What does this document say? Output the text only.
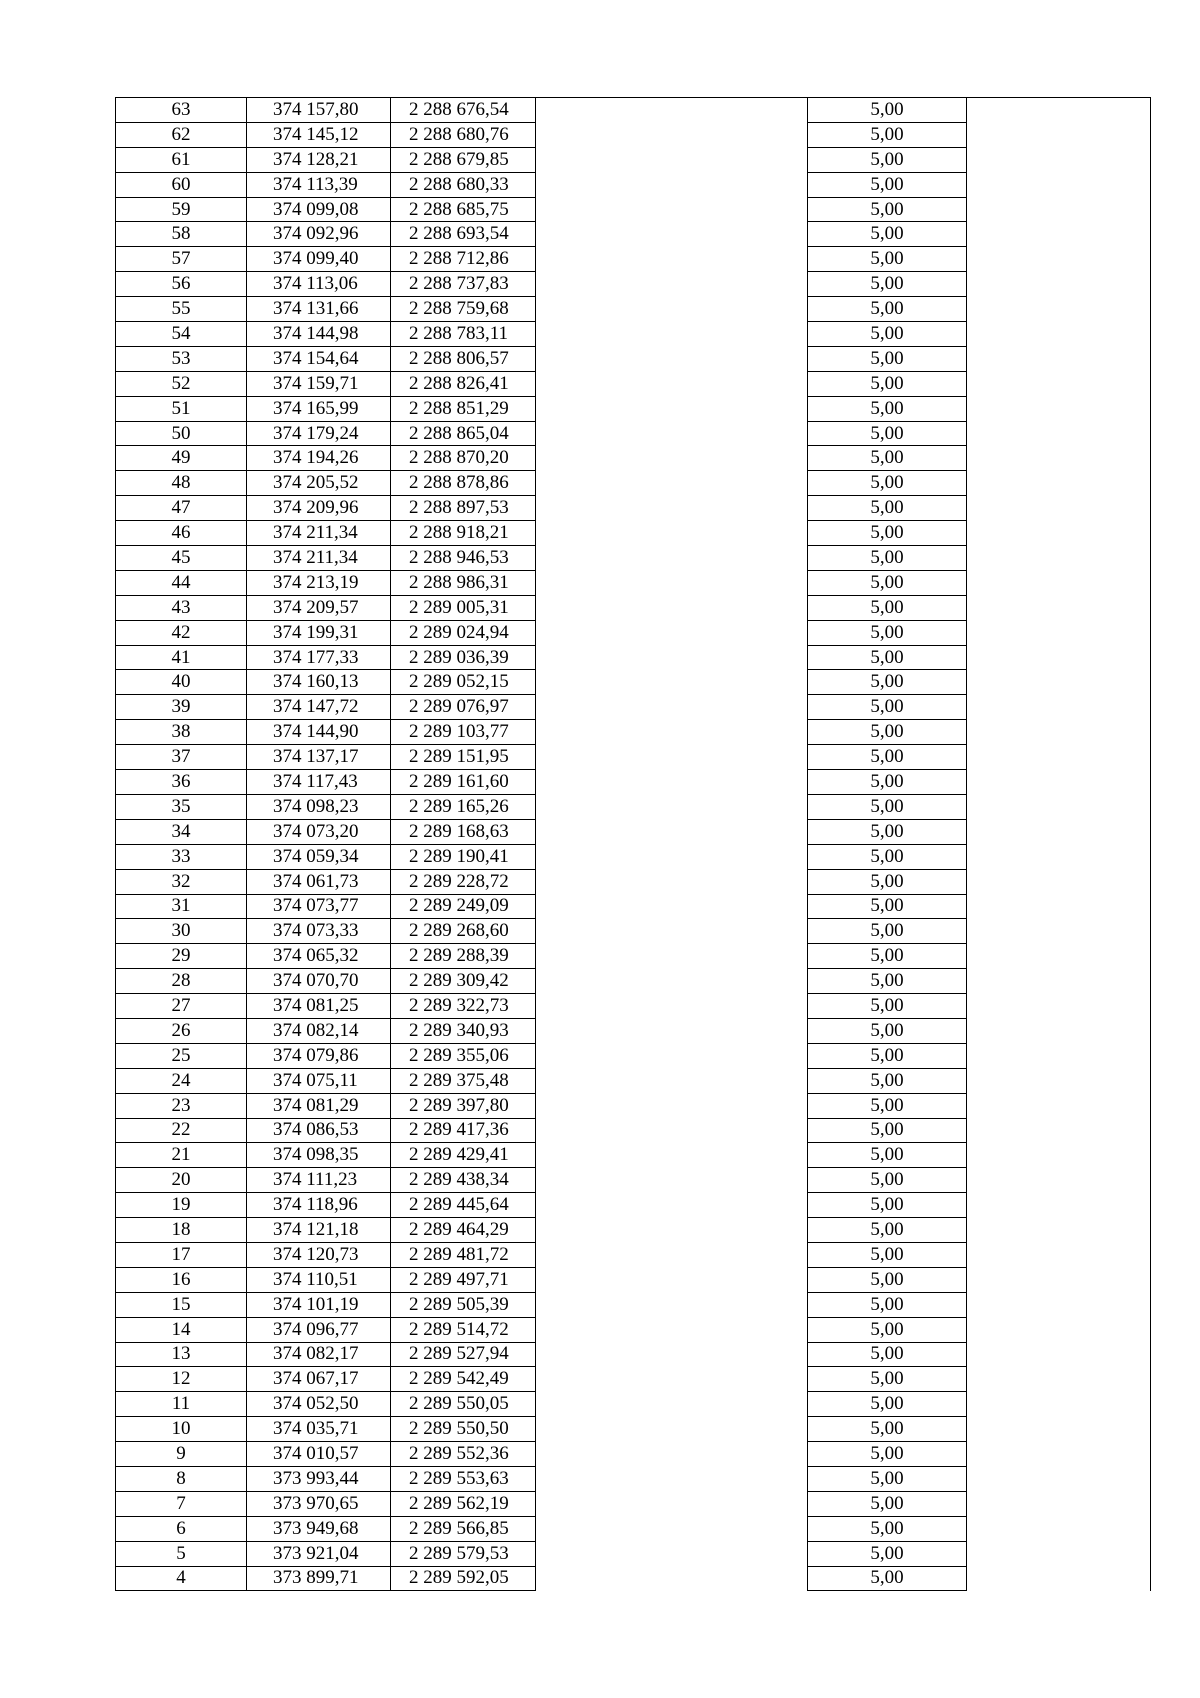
63	374 157,80	2 288 676,54		5,00	
62	374 145,12	2 288 680,76		5,00	
61	374 128,21	2 288 679,85		5,00	
60	374 113,39	2 288 680,33		5,00	
59	374 099,08	2 288 685,75		5,00	
58	374 092,96	2 288 693,54		5,00	
57	374 099,40	2 288 712,86		5,00	
56	374 113,06	2 288 737,83		5,00	
55	374 131,66	2 288 759,68		5,00	
54	374 144,98	2 288 783,11		5,00	
53	374 154,64	2 288 806,57		5,00	
52	374 159,71	2 288 826,41		5,00	
51	374 165,99	2 288 851,29		5,00	
50	374 179,24	2 288 865,04		5,00	
49	374 194,26	2 288 870,20		5,00	
48	374 205,52	2 288 878,86		5,00	
47	374 209,96	2 288 897,53		5,00	
46	374 211,34	2 288 918,21		5,00	
45	374 211,34	2 288 946,53		5,00	
44	374 213,19	2 288 986,31		5,00	
43	374 209,57	2 289 005,31		5,00	
42	374 199,31	2 289 024,94		5,00	
41	374 177,33	2 289 036,39		5,00	
40	374 160,13	2 289 052,15		5,00	
39	374 147,72	2 289 076,97		5,00	
38	374 144,90	2 289 103,77		5,00	
37	374 137,17	2 289 151,95		5,00	
36	374 117,43	2 289 161,60		5,00	
35	374 098,23	2 289 165,26		5,00	
34	374 073,20	2 289 168,63		5,00	
33	374 059,34	2 289 190,41		5,00	
32	374 061,73	2 289 228,72		5,00	
31	374 073,77	2 289 249,09		5,00	
30	374 073,33	2 289 268,60		5,00	
29	374 065,32	2 289 288,39		5,00	
28	374 070,70	2 289 309,42		5,00	
27	374 081,25	2 289 322,73		5,00	
26	374 082,14	2 289 340,93		5,00	
25	374 079,86	2 289 355,06		5,00	
24	374 075,11	2 289 375,48		5,00	
23	374 081,29	2 289 397,80		5,00	
22	374 086,53	2 289 417,36		5,00	
21	374 098,35	2 289 429,41		5,00	
20	374 111,23	2 289 438,34		5,00	
19	374 118,96	2 289 445,64		5,00	
18	374 121,18	2 289 464,29		5,00	
17	374 120,73	2 289 481,72		5,00	
16	374 110,51	2 289 497,71		5,00	
15	374 101,19	2 289 505,39		5,00	
14	374 096,77	2 289 514,72		5,00	
13	374 082,17	2 289 527,94		5,00	
12	374 067,17	2 289 542,49		5,00	
11	374 052,50	2 289 550,05		5,00	
10	374 035,71	2 289 550,50		5,00	
9	374 010,57	2 289 552,36		5,00	
8	373 993,44	2 289 553,63		5,00	
7	373 970,65	2 289 562,19		5,00	
6	373 949,68	2 289 566,85		5,00	
5	373 921,04	2 289 579,53		5,00	
4	373 899,71	2 289 592,05		5,00	
